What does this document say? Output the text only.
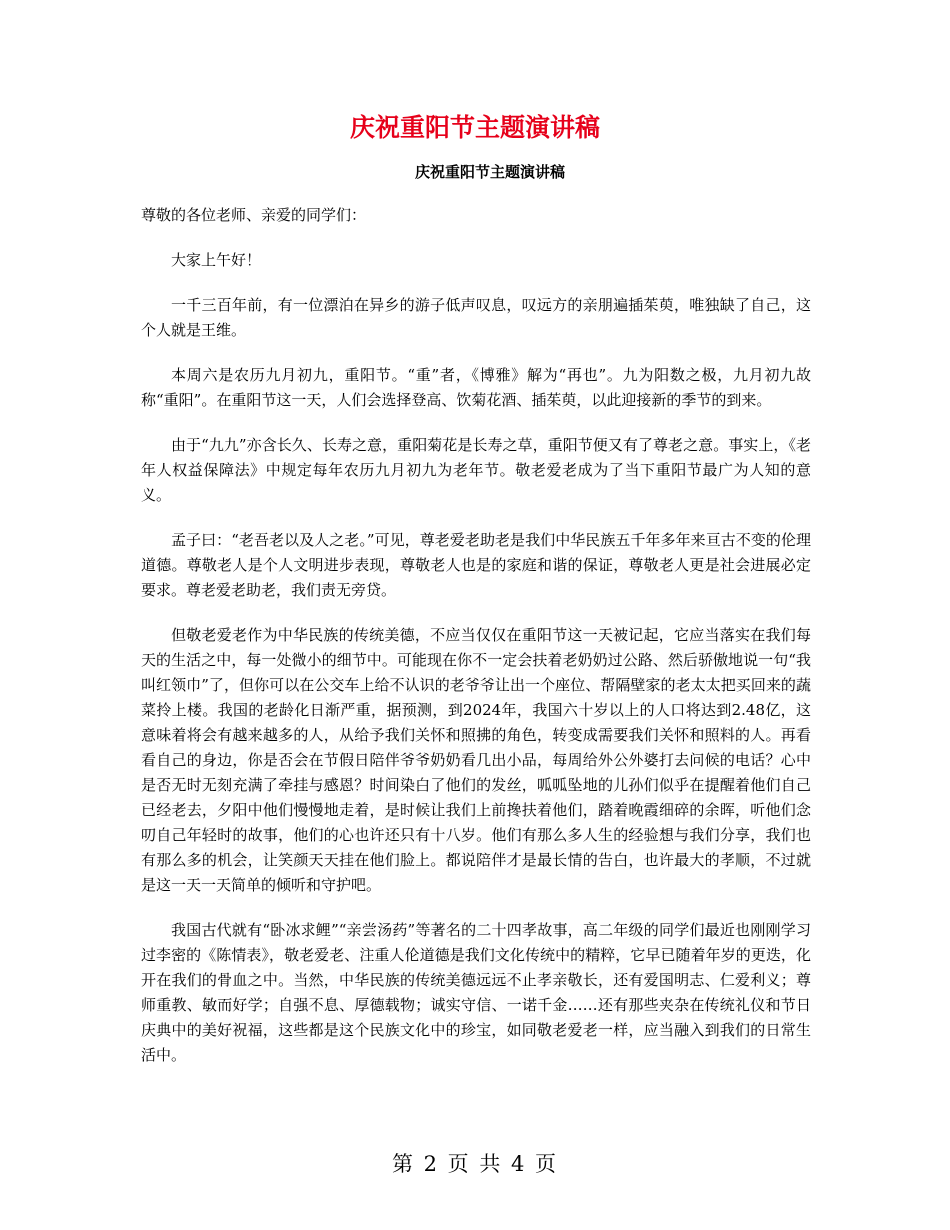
庆祝重阳节主题演讲稿
庆祝重阳节主题演讲稿

尊敬的各位老师、亲爱的同学们：

大家上午好！

一千三百年前，有一位漂泊在异乡的游子低声叹息，叹远方的亲朋遍插茱萸，唯独缺了自己，这个人就是王维。

本周六是农历九月初九，重阳节。“重”者，《博雅》解为“再也”。九为阳数之极，九月初九故称“重阳”。在重阳节这一天，人们会选择登高、饮菊花酒、插茱萸，以此迎接新的季节的到来。

由于“九九”亦含长久、长寿之意，重阳菊花是长寿之草，重阳节便又有了尊老之意。事实上，《老年人权益保障法》中规定每年农历九月初九为老年节。敬老爱老成为了当下重阳节最广为人知的意义。

孟子曰：“老吾老以及人之老。”可见，尊老爱老助老是我们中华民族五千年多年来亘古不变的伦理道德。尊敬老人是个人文明进步表现，尊敬老人也是的家庭和谐的保证，尊敬老人更是社会进展必定要求。尊老爱老助老，我们责无旁贷。

但敬老爱老作为中华民族的传统美德，不应当仅仅在重阳节这一天被记起，它应当落实在我们每天的生活之中，每一处微小的细节中。可能现在你不一定会扶着老奶奶过公路、然后骄傲地说一句“我叫红领巾”了，但你可以在公交车上给不认识的老爷爷让出一个座位、帮隔壁家的老太太把买回来的蔬菜拎上楼。我国的老龄化日渐严重，据预测，到2024年，我国六十岁以上的人口将达到2.48亿，这意味着将会有越来越多的人，从给予我们关怀和照拂的角色，转变成需要我们关怀和照料的人。再看看自己的身边，你是否会在节假日陪伴爷爷奶奶看几出小品，每周给外公外婆打去问候的电话？心中是否无时无刻充满了牵挂与感恩？时间染白了他们的发丝，呱呱坠地的儿孙们似乎在提醒着他们自己已经老去，夕阳中他们慢慢地走着，是时候让我们上前搀扶着他们，踏着晚霞细碎的余晖，听他们念叨自己年轻时的故事，他们的心也许还只有十八岁。他们有那么多人生的经验想与我们分享，我们也有那么多的机会，让笑颜天天挂在他们脸上。都说陪伴才是最长情的告白，也许最大的孝顺，不过就是这一天一天简单的倾听和守护吧。

我国古代就有“卧冰求鲤”“亲尝汤药”等著名的二十四孝故事，高二年级的同学们最近也刚刚学习过李密的《陈情表》，敬老爱老、注重人伦道德是我们文化传统中的精粹，它早已随着年岁的更迭，化开在我们的骨血之中。当然，中华民族的传统美德远远不止孝亲敬长，还有爱国明志、仁爱利义；尊师重教、敏而好学；自强不息、厚德载物；诚实守信、一诺千金……还有那些夹杂在传统礼仪和节日庆典中的美好祝福，这些都是这个民族文化中的珍宝，如同敬老爱老一样，应当融入到我们的日常生活中。

第 2 页 共 4 页
